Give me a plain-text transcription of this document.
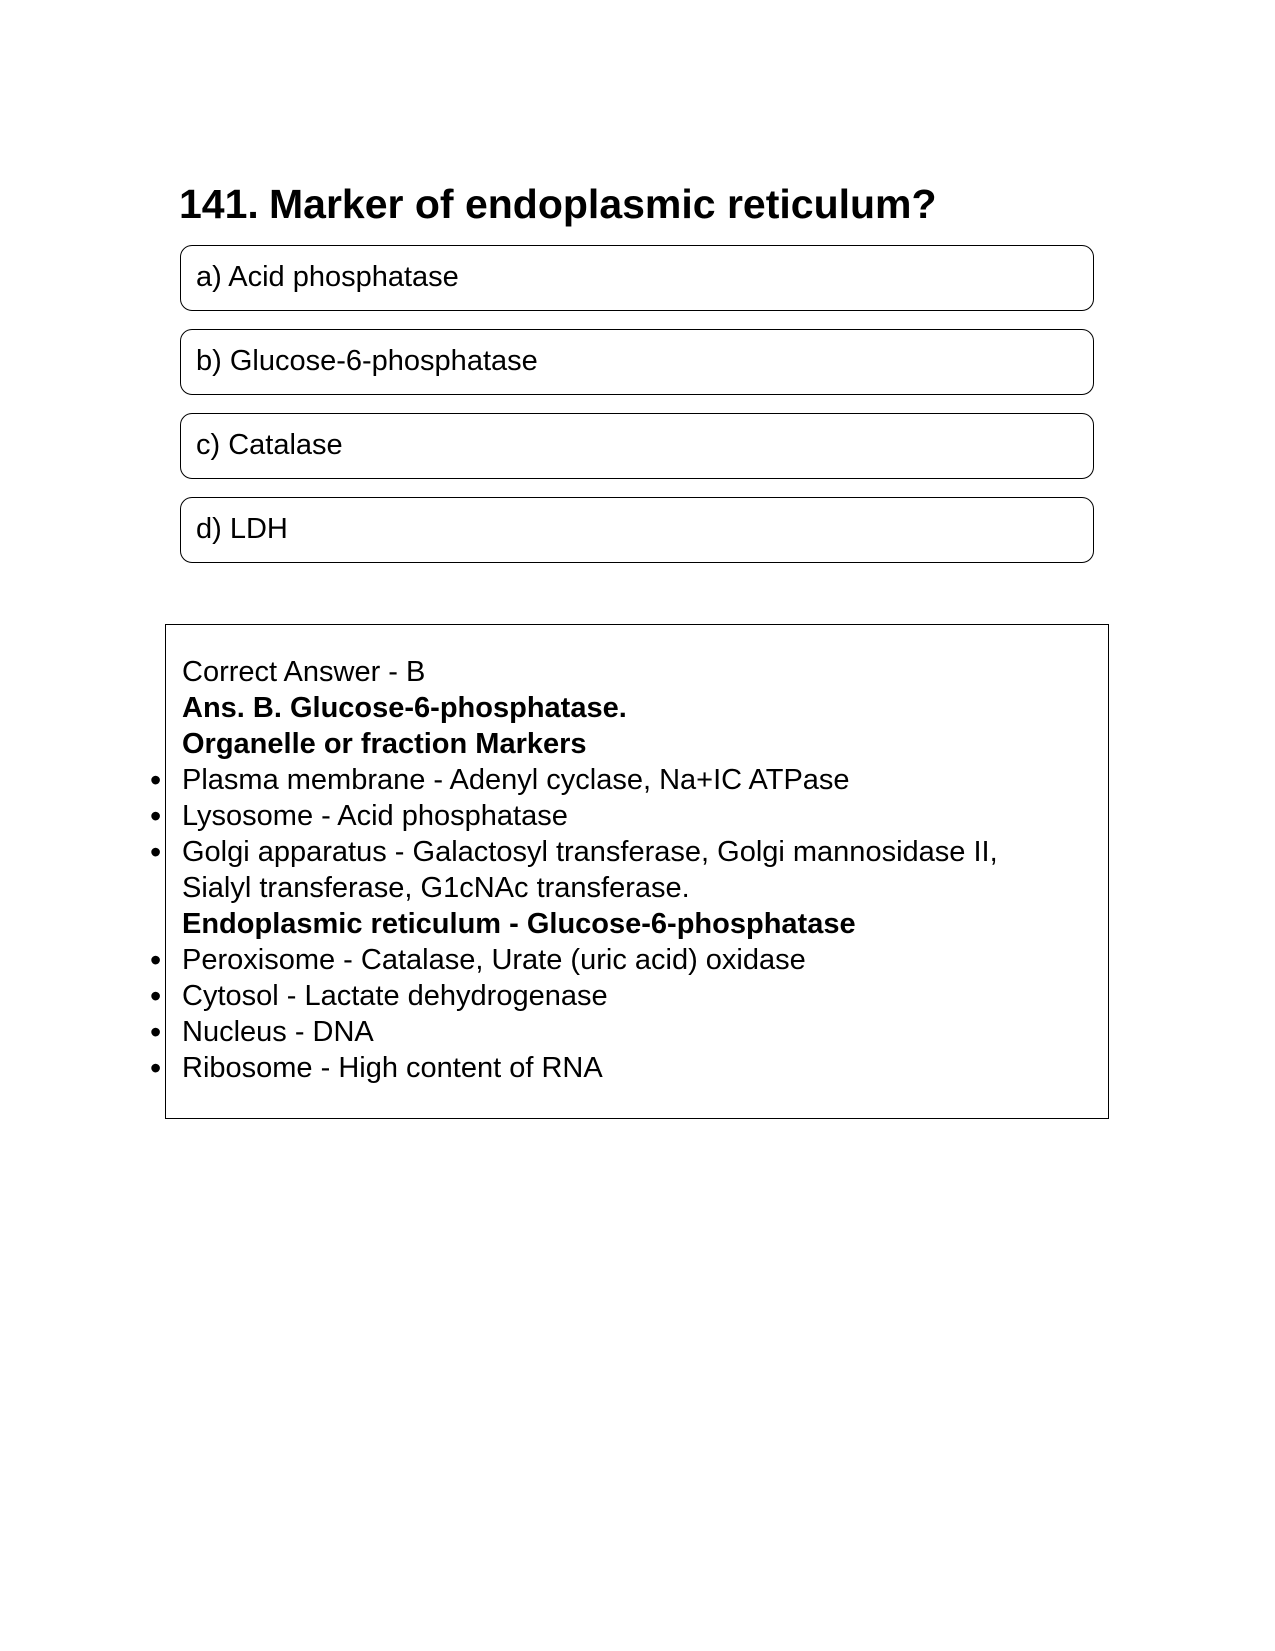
141. Marker of endoplasmic reticulum?
a) Acid phosphatase
b) Glucose-6-phosphatase
c) Catalase
d) LDH
Correct Answer - B
Ans. B. Glucose-6-phosphatase.
Organelle or fraction Markers
• Plasma membrane - Adenyl cyclase, Na+IC ATPase
• Lysosome - Acid phosphatase
• Golgi apparatus - Galactosyl transferase, Golgi mannosidase II,
Sialyl transferase, G1cNAc transferase.
Endoplasmic reticulum - Glucose-6-phosphatase
• Peroxisome - Catalase, Urate (uric acid) oxidase
• Cytosol - Lactate dehydrogenase
• Nucleus - DNA
• Ribosome - High content of RNA
